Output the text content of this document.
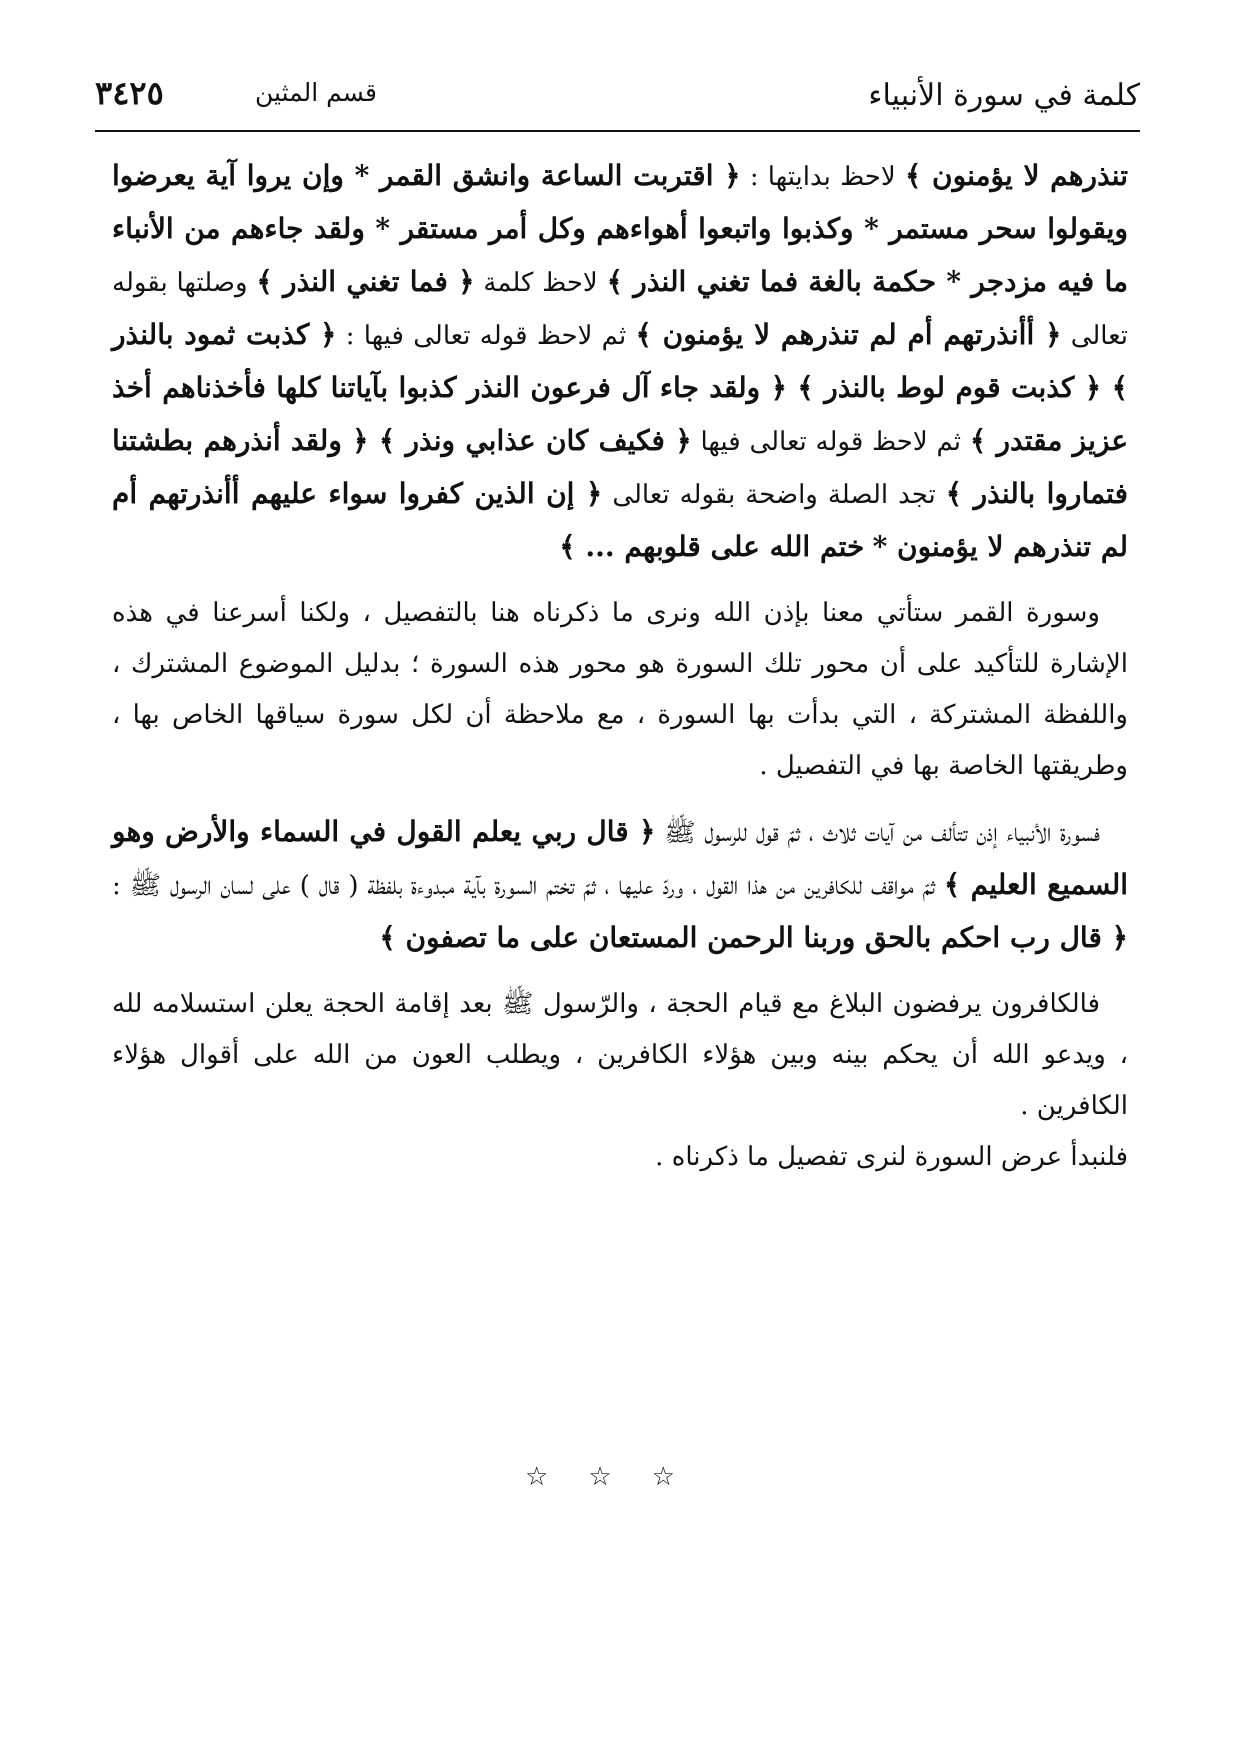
كلمة في سورة الأنبياء
قسم المثين
٣٤٢٥

تنذرهم لا يؤمنون ﴾ لاحظ بدايتها : ﴿ اقتربت الساعة وانشق القمر * وإن يروا آية يعرضوا ويقولوا سحر مستمر * وكذبوا واتبعوا أهواءهم وكل أمر مستقر * ولقد جاءهم من الأنباء ما فيه مزدجر * حكمة بالغة فما تغني النذر ﴾ لاحظ كلمة ﴿ فما تغني النذر ﴾ وصلتها بقوله تعالى ﴿ أأنذرتهم أم لم تنذرهم لا يؤمنون ﴾ ثم لاحظ قوله تعالى فيها : ﴿ كذبت ثمود بالنذر ﴾ ﴿ كذبت قوم لوط بالنذر ﴾ ﴿ ولقد جاء آل فرعون النذر كذبوا بآياتنا كلها فأخذناهم أخذ عزيز مقتدر ﴾ ثم لاحظ قوله تعالى فيها ﴿ فكيف كان عذابي ونذر ﴾ ﴿ ولقد أنذرهم بطشتنا فتماروا بالنذر ﴾ تجد الصلة واضحة بقوله تعالى ﴿ إن الذين كفروا سواء عليهم أأنذرتهم أم لم تنذرهم لا يؤمنون * ختم الله على قلوبهم ... ﴾

وسورة القمر ستأتي معنا بإذن الله ونرى ما ذكرناه هنا بالتفصيل ، ولكنا أسرعنا في هذه الإشارة للتأكيد على أن محور تلك السورة هو محور هذه السورة ؛ بدليل الموضوع المشترك ، واللفظة المشتركة ، التي بدأت بها السورة ، مع ملاحظة أن لكل سورة سياقها الخاص بها ، وطريقتها الخاصة بها في التفصيل .

فسورة الأنبياء إذن تتألف من آيات ثلاث ، ثمّ قول للرسول ﷺ ﴿ قال ربي يعلم القول في السماء والأرض وهو السميع العليم ﴾ ثمّ مواقف للكافرين من هذا القول ، وردّ عليها ، ثمّ تختم السورة بآية مبدوءة بلفظة ( قال ) على لسان الرسول ﷺ : ﴿ قال رب احكم بالحق وربنا الرحمن المستعان على ما تصفون ﴾

فالكافرون يرفضون البلاغ مع قيام الحجة ، والرّسول ﷺ بعد إقامة الحجة يعلن استسلامه لله ، ويدعو الله أن يحكم بينه وبين هؤلاء الكافرين ، ويطلب العون من الله على أقوال هؤلاء الكافرين .

فلنبدأ عرض السورة لنرى تفصيل ما ذكرناه .

☆☆☆
